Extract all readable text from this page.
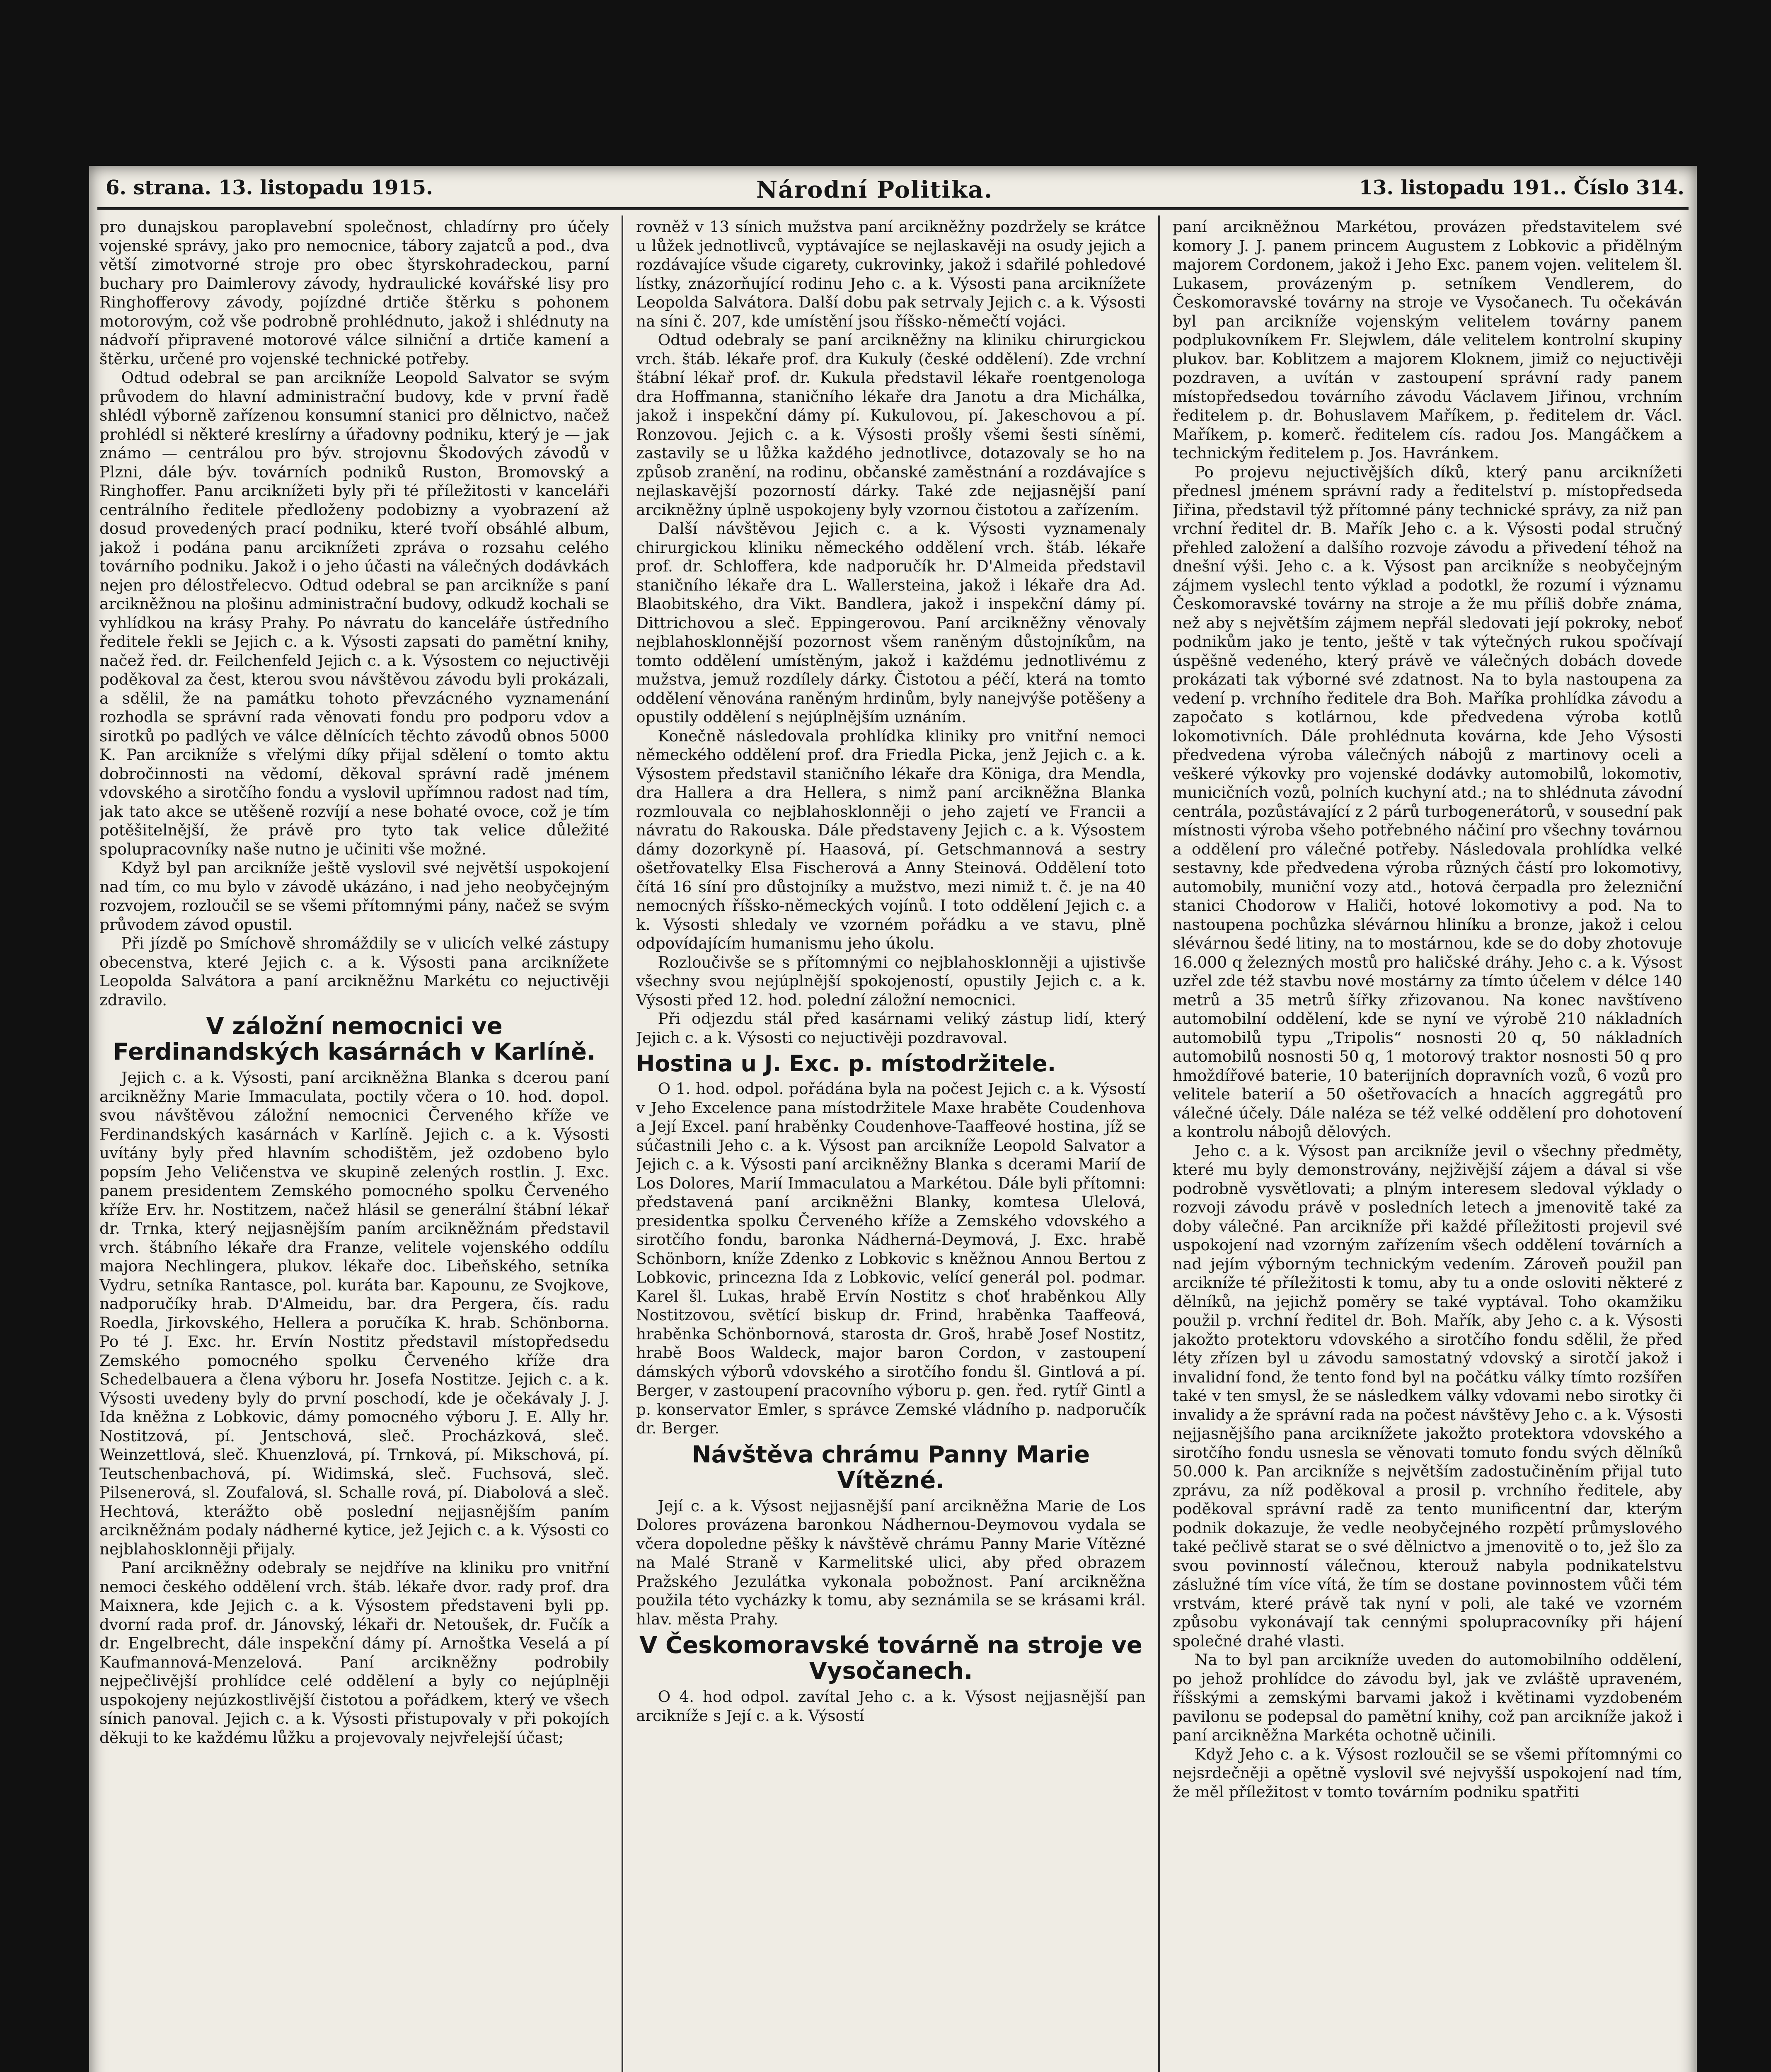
6. strana. 13. listopadu 1915.	Národní Politika.	13. listopadu 191.. Číslo 314.

pro dunajskou paroplavební společnost, chladírny pro účely vojenské správy, jako pro nemocnice, tábory zajatců a pod., dva větší zimotvorné stroje pro obec štyrskohradeckou, parní buchary pro Daimlerovy závody, hydraulické kovářské lisy pro Ringhofferovy závody, pojízdné drtiče štěrku s pohonem motorovým, což vše podrobně prohlédnuto, jakož i shlédnuty na nádvoří připravené motorové válce silniční a drtiče kamení a štěrku, určené pro vojenské technické potřeby.

Odtud odebral se pan arcikníže Leopold Salvator se svým průvodem do hlavní administrační budovy, kde v první řadě shlédl výborně zařízenou konsumní stanici pro dělnictvo, načež prohlédl si některé kreslírny a úřadovny podniku, který je — jak známo — centrálou pro býv. strojovnu Škodových závodů v Plzni, dále býv. továrních podniků Ruston, Bromovský a Ringhoffer. Panu arciknížeti byly při té příležitosti v kanceláři centrálního ředitele předloženy podobizny a vyobrazení až dosud provedených prací podniku, které tvoří obsáhlé album, jakož i podána panu arciknížeti zpráva o rozsahu celého továrního podniku. Jakož i o jeho účasti na válečných dodávkách nejen pro délostřelecvo. Odtud odebral se pan arcikníže s paní arcikněžnou na plošinu administrační budovy, odkudž kochali se vyhlídkou na krásy Prahy. Po návratu do kanceláře ústředního ředitele řekli se Jejich c. a k. Výsosti zapsati do pamětní knihy, načež řed. dr. Feilchenfeld Jejich c. a k. Výsostem co nejuctivěji poděkoval za čest, kterou svou návštěvou závodu byli prokázali, a sdělil, že na památku tohoto převzácného vyznamenání rozhodla se správní rada věnovati fondu pro podporu vdov a sirotků po padlých ve válce dělnících těchto závodů obnos 5000 K. Pan arcikníže s vřelými díky přijal sdělení o tomto aktu dobročinnosti na vědomí, děkoval správní radě jménem vdovského a sirotčího fondu a vyslovil upřímnou radost nad tím, jak tato akce se utěšeně rozvíjí a nese bohaté ovoce, což je tím potěšitelnější, že právě pro tyto tak velice důležité spolupracovníky naše nutno je učiniti vše možné.

Když byl pan arcikníže ještě vyslovil své největší uspokojení nad tím, co mu bylo v závodě ukázáno, i nad jeho neobyčejným rozvojem, rozloučil se se všemi přítomnými pány, načež se svým průvodem závod opustil.

Při jízdě po Smíchově shromáždily se v ulicích velké zástupy obecenstva, které Jejich c. a k. Výsosti pana arciknížete Leopolda Salvátora a paní arcikněžnu Markétu co nejuctivěji zdravilo.

V záložní nemocnici ve Ferdinandských kasárnách v Karlíně.

Jejich c. a k. Výsosti, paní arcikněžna Blanka s dcerou paní arcikněžny Marie Immaculata, poctily včera o 10. hod. dopol. svou návštěvou záložní nemocnici Červeného kříže ve Ferdinandských kasárnách v Karlíně. Jejich c. a k. Výsosti uvítány byly před hlavním schodištěm, jež ozdobeno bylo popsím Jeho Veličenstva ve skupině zelených rostlin. J. Exc. panem presidentem Zemského pomocného spolku Červeného kříže Erv. hr. Nostitzem, načež hlásil se generální štábní lékař dr. Trnka, který nejjasnějším paním arcikněžnám představil vrch. štábního lékaře dra Franze, velitele vojenského oddílu majora Nechlingera, plukov. lékaře doc. Libeňského, setníka Vydru, setníka Rantasce, pol. kuráta bar. Kapounu, ze Svojkove, nadporučíky hrab. D'Almeidu, bar. dra Pergera, čís. radu Roedla, Jirkovského, Hellera a poručíka K. hrab. Schönborna. Po té J. Exc. hr. Ervín Nostitz představil místopředsedu Zemského pomocného spolku Červeného kříže dra Schedelbauera a člena výboru hr. Josefa Nostitze. Jejich c. a k. Výsosti uvedeny byly do první poschodí, kde je očekávaly J. J. Ida kněžna z Lobkovic, dámy pomocného výboru J. E. Ally hr. Nostitzová, pí. Jentschová, sleč. Procházková, sleč. Weinzettlová, sleč. Khuenzlová, pí. Trnková, pí. Mikschová, pí. Teutschenbachová, pí. Widimská, sleč. Fuchsová, sleč. Pilsenerová, sl. Zoufalová, sl. Schalle rová, pí. Diabolová a sleč. Hechtová, kterážto obě poslední nejjasnějším paním arcikněžnám podaly nádherné kytice, jež Jejich c. a k. Výsosti co nejblahosklonněji přijaly.

Paní arcikněžny odebraly se nejdříve na kliniku pro vnitřní nemoci českého oddělení vrch. štáb. lékaře dvor. rady prof. dra Maixnera, kde Jejich c. a k. Výsostem představeni byli pp. dvorní rada prof. dr. Jánovský, lékaři dr. Netoušek, dr. Fučík a dr. Engelbrecht, dále inspekční dámy pí. Arnoštka Veselá a pí Kaufmannová-Menzelová. Paní arcikněžny podrobily nejpečlivější prohlídce celé oddělení a byly co nejúplněji uspokojeny nejúzkostlivější čistotou a pořádkem, který ve všech sínich panoval. Jejich c. a k. Výsosti přistupovaly v při pokojích děkuji to ke každému lůžku a projevovaly nejvřelejší účast;

rovněž v 13 sínich mužstva paní arcikněžny pozdržely se krátce u lůžek jednotlivců, vyptávajíce se nejlaskavěji na osudy jejich a rozdávajíce všude cigarety, cukrovinky, jakož i sdařilé pohledové lístky, znázorňující rodinu Jeho c. a k. Výsosti pana arciknížete Leopolda Salvátora. Další dobu pak setrvaly Jejich c. a k. Výsosti na síni č. 207, kde umístění jsou říšsko-němečtí vojáci.

Odtud odebraly se paní arcikněžny na kliniku chirurgickou vrch. štáb. lékaře prof. dra Kukuly (české oddělení). Zde vrchní štábní lékař prof. dr. Kukula představil lékaře roentgenologa dra Hoffmanna, staničního lékaře dra Janotu a dra Michálka, jakož i inspekční dámy pí. Kukulovou, pí. Jakeschovou a pí. Ronzovou. Jejich c. a k. Výsosti prošly všemi šesti síněmi, zastavily se u lůžka každého jednotlivce, dotazovaly se ho na způsob zranění, na rodinu, občanské zaměstnání a rozdávajíce s nejlaskavější pozorností dárky. Také zde nejjasnější paní arcikněžny úplně uspokojeny byly vzornou čistotou a zařízením.

Další návštěvou Jejich c. a k. Výsosti vyznamenaly chirurgickou kliniku německého oddělení vrch. štáb. lékaře prof. dr. Schloffera, kde nadporučík hr. D'Almeida představil staničního lékaře dra L. Wallersteina, jakož i lékaře dra Ad. Blaobitského, dra Vikt. Bandlera, jakož i inspekční dámy pí. Dittrichovou a sleč. Eppingerovou. Paní arcikněžny věnovaly nejblahosklonnější pozornost všem raněným důstojníkům, na tomto oddělení umístěným, jakož i každému jednotlivému z mužstva, jemuž rozdílely dárky. Čistotou a péčí, která na tomto oddělení věnována raněným hrdinům, byly nanejvýše potěšeny a opustily oddělení s nejúplnějším uznáním.

Konečně následovala prohlídka kliniky pro vnitřní nemoci německého oddělení prof. dra Friedla Picka, jenž Jejich c. a k. Výsostem představil staničního lékaře dra Königa, dra Mendla, dra Hallera a dra Hellera, s nimž paní arcikněžna Blanka rozmlouvala co nejblahosklonněji o jeho zajetí ve Francii a návratu do Rakouska. Dále představeny Jejich c. a k. Výsostem dámy dozorkyně pí. Haasová, pí. Getschmannová a sestry ošetřovatelky Elsa Fischerová a Anny Steinová. Oddělení toto čítá 16 síní pro důstojníky a mužstvo, mezi nimiž t. č. je na 40 nemocných říšsko-německých vojínů. I toto oddělení Jejich c. a k. Výsosti shledaly ve vzorném pořádku a ve stavu, plně odpovídajícím humanismu jeho úkolu.

Rozloučivše se s přítomnými co nejblahosklonněji a ujistivše všechny svou nejúplnější spokojeností, opustily Jejich c. a k. Výsosti před 12. hod. polední záložní nemocnici.

Při odjezdu stál před kasárnami veliký zástup lidí, který Jejich c. a k. Výsosti co nejuctivěji pozdravoval.

Hostina u J. Exc. p. místodržitele.

O 1. hod. odpol. pořádána byla na počest Jejich c. a k. Výsostí v Jeho Excelence pana místodržitele Maxe hraběte Coudenhova a Její Excel. paní hraběnky Coudenhove-Taaffeové hostina, jíž se súčastnili Jeho c. a k. Výsost pan arcikníže Leopold Salvator a Jejich c. a k. Výsosti paní arcikněžny Blanka s dcerami Marií de Los Dolores, Marií Immaculatou a Markétou. Dále byli přítomni: představená paní arcikněžni Blanky, komtesa Ulelová, presidentka spolku Červeného kříže a Zemského vdovského a sirotčího fondu, baronka Nádherná-Deymová, J. Exc. hrabě Schönborn, kníže Zdenko z Lobkovic s kněžnou Annou Bertou z Lobkovic, princezna Ida z Lobkovic, velící generál pol. podmar. Karel šl. Lukas, hrabě Ervín Nostitz s choť hraběnkou Ally Nostitzovou, světící biskup dr. Frind, hraběnka Taaffeová, hraběnka Schönbornová, starosta dr. Groš, hrabě Josef Nostitz, hrabě Boos Waldeck, major baron Cordon, v zastoupení dámských výborů vdovského a sirotčího fondu šl. Gintlová a pí. Berger, v zastoupení pracovního výboru p. gen. řed. rytíř Gintl a p. konservator Emler, s správce Zemské vládního p. nadporučík dr. Berger.

Návštěva chrámu Panny Marie Vítězné.

Její c. a k. Výsost nejjasnější paní arcikněžna Marie de Los Dolores provázena baronkou Nádhernou-Deymovou vydala se včera dopoledne pěšky k návštěvě chrámu Panny Marie Vítězné na Malé Straně v Karmelitské ulici, aby před obrazem Pražského Jezulátka vykonala pobožnost. Paní arcikněžna použila této vycházky k tomu, aby seznámila se se krásami král. hlav. města Prahy.

V Českomoravské továrně na stroje ve Vysočanech.

O 4. hod odpol. zavítal Jeho c. a k. Výsost nejjasnější pan arcikníže s Její c. a k. Výsostí

paní arcikněžnou Markétou, provázen představitelem své komory J. J. panem princem Augustem z Lobkovic a přidělným majorem Cordonem, jakož i Jeho Exc. panem vojen. velitelem šl. Lukasem, provázeným p. setníkem Vendlerem, do Českomoravské továrny na stroje ve Vysočanech. Tu očekáván byl pan arcikníže vojenským velitelem továrny panem podplukovníkem Fr. Slejwlem, dále velitelem kontrolní skupiny plukov. bar. Koblitzem a majorem Kloknem, jimiž co nejuctivěji pozdraven, a uvítán v zastoupení správní rady panem místopředsedou továrního závodu Václavem Jiřinou, vrchním ředitelem p. dr. Bohuslavem Maříkem, p. ředitelem dr. Václ. Maříkem, p. komerč. ředitelem cís. radou Jos. Mangáčkem a technickým ředitelem p. Jos. Havránkem.

Po projevu nejuctivějších díků, který panu arciknížeti přednesl jménem správní rady a ředitelství p. místopředseda Jiřina, představil týž přítomné pány technické správy, za niž pan vrchní ředitel dr. B. Mařík Jeho c. a k. Výsosti podal stručný přehled založení a dalšího rozvoje závodu a přivedení téhož na dnešní výši. Jeho c. a k. Výsost pan arcikníže s neobyčejným zájmem vyslechl tento výklad a podotkl, že rozumí i významu Českomoravské továrny na stroje a že mu příliš dobře známa, než aby s největším zájmem nepřál sledovati její pokroky, neboť podnikům jako je tento, ještě v tak výtečných rukou spočívají úspěšně vedeného, který právě ve válečných dobách dovede prokázati tak výborné své zdatnost. Na to byla nastoupena za vedení p. vrchního ředitele dra Boh. Maříka prohlídka závodu a započato s kotlárnou, kde předvedena výroba kotlů lokomotivních. Dále prohlédnuta kovárna, kde Jeho Výsosti předvedena výroba válečných nábojů z martinovy oceli a veškeré výkovky pro vojenské dodávky automobilů, lokomotiv, municičních vozů, polních kuchyní atd.; na to shlédnuta závodní centrála, pozůstávající z 2 párů turbogenerátorů, v sousední pak místnosti výroba všeho potřebného náčiní pro všechny továrnou a oddělení pro válečné potřeby. Následovala prohlídka velké sestavny, kde předvedena výroba různých částí pro lokomotivy, automobily, muniční vozy atd., hotová čerpadla pro železniční stanici Chodorow v Haliči, hotové lokomotivy a pod. Na to nastoupena pochůzka slévárnou hliníku a bronze, jakož i celou slévárnou šedé litiny, na to mostárnou, kde se do doby zhotovuje 16.000 q železných mostů pro haličské dráhy. Jeho c. a k. Výsost uzřel zde též stavbu nové mostárny za tímto účelem v délce 140 metrů a 35 metrů šířky zřizovanou. Na konec navštíveno automobilní oddělení, kde se nyní ve výrobě 210 nákladních automobilů typu „Tripolis“ nosnosti 20 q, 50 nákladních automobilů nosnosti 50 q, 1 motorový traktor nosnosti 50 q pro hmoždířové baterie, 10 baterijních dopravních vozů, 6 vozů pro velitele baterií a 50 ošetřovacích a hnacích aggregátů pro válečné účely. Dále naléza se též velké oddělení pro dohotovení a kontrolu nábojů dělových.

Jeho c. a k. Výsost pan arcikníže jevil o všechny předměty, které mu byly demonstrovány, nejživější zájem a dával si vše podrobně vysvětlovati; a plným interesem sledoval výklady o rozvoji závodu právě v posledních letech a jmenovitě také za doby válečné. Pan arcikníže při každé příležitosti projevil své uspokojení nad vzorným zařízením všech oddělení továrních a nad jejím výborným technickým vedením. Zároveň použil pan arcikníže té příležitosti k tomu, aby tu a onde osloviti některé z dělníků, na jejichž poměry se také vyptával. Toho okamžiku použil p. vrchní ředitel dr. Boh. Mařík, aby Jeho c. a k. Výsosti jakožto protektoru vdovského a sirotčího fondu sdělil, že před léty zřízen byl u závodu samostatný vdovský a sirotčí jakož i invalidní fond, že tento fond byl na počátku války tímto rozšířen také v ten smysl, že se následkem války vdovami nebo sirotky či invalidy a že správní rada na počest návštěvy Jeho c. a k. Výsosti nejjasnějšího pana arciknížete jakožto protektora vdovského a sirotčího fondu usnesla se věnovati tomuto fondu svých dělníků 50.000 k. Pan arcikníže s největším zadostučiněním přijal tuto zprávu, za níž poděkoval a prosil p. vrchního ředitele, aby poděkoval správní radě za tento munificentní dar, kterým podnik dokazuje, že vedle neobyčejného rozpětí průmyslového také pečlivě starat se o své dělnictvo a jmenovitě o to, jež šlo za svou povinností válečnou, kterouž nabyla podnikatelstvu záslužné tím více vítá, že tím se dostane povinnostem vůči tém vrstvám, které právě tak nyní v poli, ale také ve vzorném způsobu vykonávají tak cennými spolupracovníky při hájení společné drahé vlasti.

Na to byl pan arcikníže uveden do automobilního oddělení, po jehož prohlídce do závodu byl, jak ve zvláště upraveném, říšskými a zemskými barvami jakož i květinami vyzdobeném pavilonu se podepsal do pamětní knihy, což pan arcikníže jakož i paní arcikněžna Markéta ochotně učinili.

Když Jeho c. a k. Výsost rozloučil se se všemi přítomnými co nejsrdečněji a opětně vyslovil své nejvyšší uspokojení nad tím, že měl příležitost v tomto továrním podniku spatřiti
